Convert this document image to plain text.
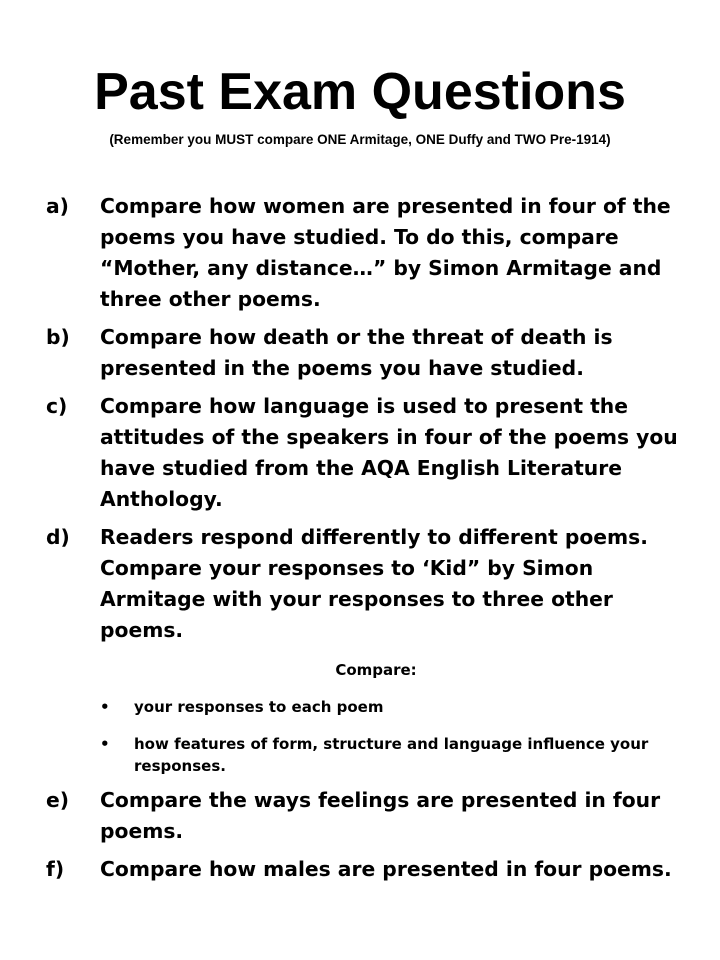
Past Exam Questions
(Remember you MUST compare ONE Armitage, ONE Duffy and TWO Pre-1914)
a)	Compare how women are presented in four of the poems you have studied. To do this, compare “Mother, any distance…” by Simon Armitage and three other poems.
b)	Compare how death or the threat of death is presented in the poems you have studied.
c)	Compare how language is used to present the attitudes of the speakers in four of the poems you have studied from the AQA English Literature Anthology.
d)	Readers respond differently to different poems. Compare your responses to ‘Kid” by Simon Armitage with your responses to three other poems.
Compare:
•	your responses to each poem
•	how features of form, structure and language influence your responses.
e)	Compare the ways feelings are presented in four poems.
f)	Compare how males are presented in four poems.
